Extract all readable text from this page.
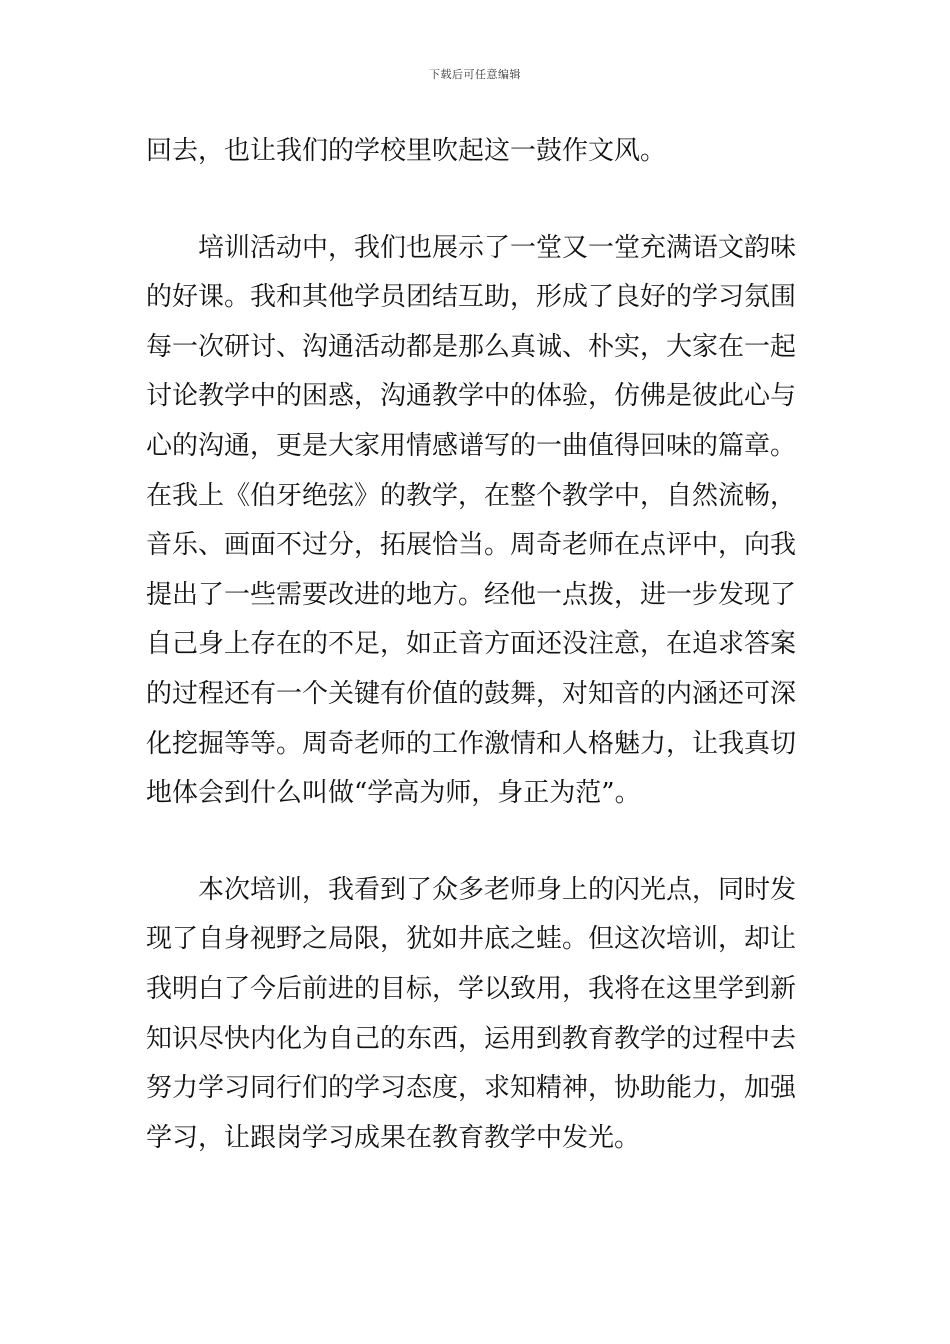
下载后可任意编辑
回去，也让我们的学校里吹起这一鼓作文风。
　　培训活动中，我们也展示了一堂又一堂充满语文韵味
的好课。我和其他学员团结互助，形成了良好的学习氛围
每一次研讨、沟通活动都是那么真诚、朴实，大家在一起
讨论教学中的困惑，沟通教学中的体验，仿佛是彼此心与
心的沟通，更是大家用情感谱写的一曲值得回味的篇章。
在我上《伯牙绝弦》的教学，在整个教学中，自然流畅，
音乐、画面不过分，拓展恰当。周奇老师在点评中，向我
提出了一些需要改进的地方。经他一点拨，进一步发现了
自己身上存在的不足，如正音方面还没注意，在追求答案
的过程还有一个关键有价值的鼓舞，对知音的内涵还可深
化挖掘等等。周奇老师的工作激情和人格魅力，让我真切
地体会到什么叫做“学高为师，身正为范”。
　　本次培训，我看到了众多老师身上的闪光点，同时发
现了自身视野之局限，犹如井底之蛙。但这次培训，却让
我明白了今后前进的目标，学以致用，我将在这里学到新
知识尽快内化为自己的东西，运用到教育教学的过程中去
努力学习同行们的学习态度，求知精神，协助能力，加强
学习，让跟岗学习成果在教育教学中发光。
